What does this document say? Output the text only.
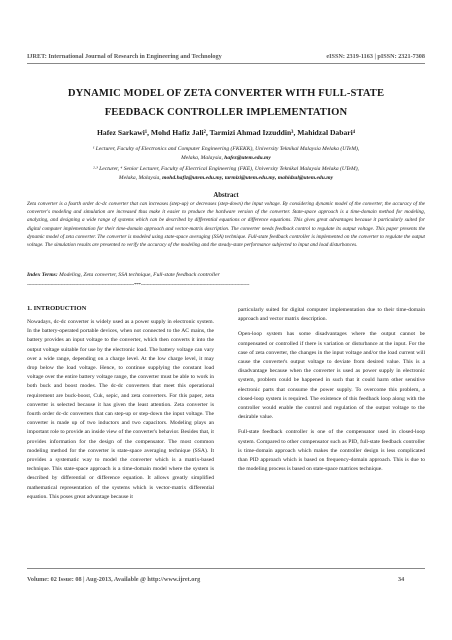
IJRET: International Journal of Research in Engineering and Technology	eISSN: 2319-1163 | pISSN: 2321-7308
DYNAMIC MODEL OF ZETA CONVERTER WITH FULL-STATE
FEEDBACK CONTROLLER IMPLEMENTATION
Hafez Sarkawi¹, Mohd Hafiz Jali², Tarmizi Ahmad Izzuddin³, Mahidzal Dabari⁴
¹ Lecturer, Faculty of Electronics and Computer Engineering (FKEKK), University Teknikal Malaysia Melaka (UTeM),
Melaka, Malaysia, hafez@utem.edu.my
²·³ Lecturer, ⁴ Senior Lecturer, Faculty of Electrical Engineering (FKE), University Teknikal Malaysia Melaka (UTeM),
Melaka, Malaysia, mohd.hafiz@utem.edu.my, tarmizi@utem.edu.my, mahidzal@utem.edu.my
Abstract
Zeta converter is a fourth order dc-dc converter that can increases (step-up) or decreases (step-down) the input voltage. By considering dynamic model of the converter, the accuracy of the converter's modeling and simulation are increased thus make it easier to produce the hardware version of the converter. State-space approach is a time-domain method for modeling, analyzing, and designing a wide range of systems which can be described by differential equations or difference equations. This gives great advantages because it particularly suited for digital computer implementation for their time-domain approach and vector-matrix description. The converter needs feedback control to regulate its output voltage. This paper presents the dynamic model of zeta converter. The converter is modeled using state-space averaging (SSA) technique. Full-state feedback controller is implemented on the converter to regulate the output voltage. The simulation results are presented to verify the accuracy of the modeling and the steady-state performance subjected to input and load disturbances.
Index Terms: Modeling, Zeta converter, SSA technique, Full-state feedback controller
-------------------------------------------------------------------------***--------------------------------------------------------------------------
1. INTRODUCTION

Nowadays, dc-dc converter is widely used as a power supply in electronic system. In the battery-operated portable devices, when not connected to the AC mains, the battery provides an input voltage to the converter, which then converts it into the output voltage suitable for use by the electronic load. The battery voltage can vary over a wide range, depending on a charge level. At the low charge level, it may drop below the load voltage. Hence, to continue supplying the constant load voltage over the entire battery voltage range, the converter must be able to work in both buck and boost modes. The dc-dc converters that meet this operational requirement are buck-boost, Cuk, sepic, and zeta converters. For this paper, zeta converter is selected because it has given the least attention. Zeta converter is fourth order dc-dc converters that can step-up or step-down the input voltage. The converter is made up of two inductors and two capacitors. Modeling plays an important role to provide an inside view of the converter's behavior. Besides that, it provides information for the design of the compensator. The most common modeling method for the converter is state-space averaging technique (SSA). It provides a systematic way to model the converter which is a matrix-based technique. This state-space approach is a time-domain model where the system is described by differential or difference equation. It allows greatly simplified mathematical representation of the systems which is vector-matrix differential equation. This poses great advantage because it

particularly suited for digital computer implementation due to their time-domain approach and vector matrix description.

Open-loop system has some disadvantages where the output cannot be compensated or controlled if there is variation or disturbance at the input. For the case of zeta converter, the changes in the input voltage and/or the load current will cause the converter's output voltage to deviate from desired value. This is a disadvantage because when the converter is used as power supply in electronic system, problem could be happened in such that it could harm other sensitive electronic parts that consume the power supply. To overcome this problem, a closed-loop system is required. The existence of this feedback loop along with the controller would enable the control and regulation of the output voltage to the desirable value.

Full-state feedback controller is one of the compensator used in closed-loop system. Compared to other compensator such as PID, full-state feedback controller is time-domain approach which makes the controller design is less complicated than PID approach which is based on frequency-domain approach. This is due to the modeling process is based on state-space matrices technique.

Volume: 02 Issue: 08 | Aug-2013, Available @ http://www.ijret.org	34
